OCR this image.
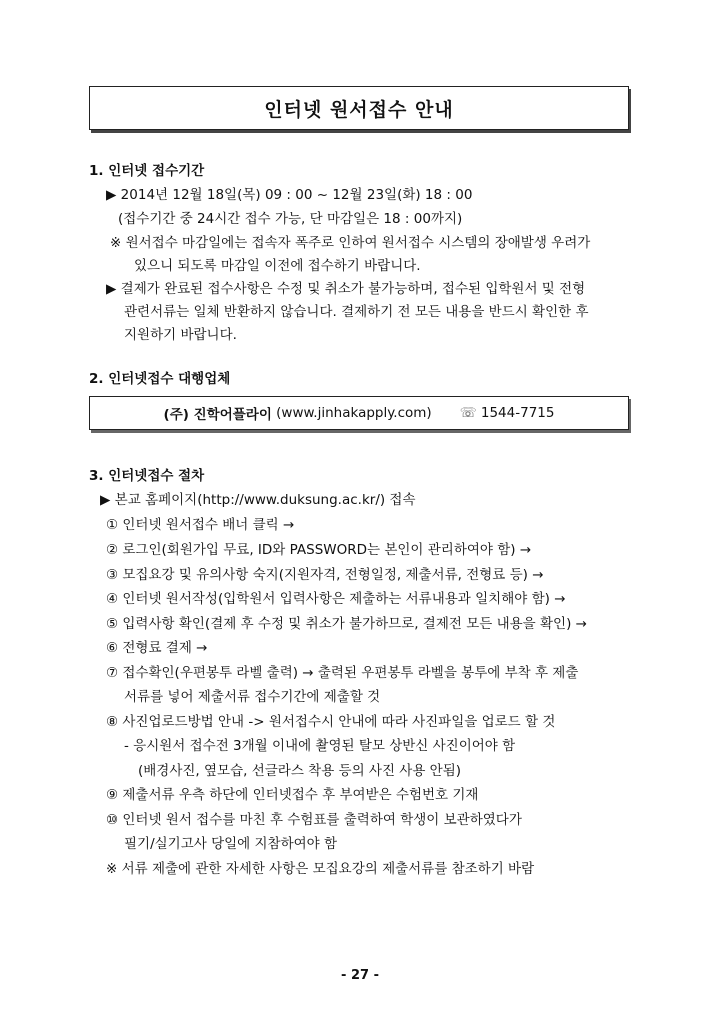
인터넷 원서접수 안내
1. 인터넷 접수기간
▶ 2014년 12월 18일(목) 09 : 00 ~ 12월 23일(화) 18 : 00
(접수기간 중 24시간 접수 가능, 단 마감일은 18 : 00까지)
※ 원서접수 마감일에는 접속자 폭주로 인하여 원서접수 시스템의 장애발생 우려가
있으니 되도록 마감일 이전에 접수하기 바랍니다.
▶ 결제가 완료된 접수사항은 수정 및 취소가 불가능하며, 접수된 입학원서 및 전형
관련서류는 일체 반환하지 않습니다. 결제하기 전 모든 내용을 반드시 확인한 후
지원하기 바랍니다.
2. 인터넷접수 대행업체
(주) 진학어플라이
(www.jinhakapply.com) ☏
1544-7715
3. 인터넷접수 절차
▶ 본교 홈페이지(http://www.duksung.ac.kr/) 접속
① 인터넷 원서접수 배너 클릭 →
② 로그인(회원가입 무료, ID와 PASSWORD는 본인이 관리하여야 함) →
③ 모집요강 및 유의사항 숙지(지원자격, 전형일정, 제출서류, 전형료 등) →
④ 인터넷 원서작성(입학원서 입력사항은 제출하는 서류내용과 일치해야 함) →
⑤ 입력사항 확인(결제 후 수정 및 취소가 불가하므로, 결제전 모든 내용을 확인) →
⑥ 전형료 결제 →
⑦ 접수확인(우편봉투 라벨 출력) → 출력된 우편봉투 라벨을 봉투에 부착 후 제출
서류를 넣어 제출서류 접수기간에 제출할 것
⑧ 사진업로드방법 안내 -> 원서접수시 안내에 따라 사진파일을 업로드 할 것
- 응시원서 접수전 3개월 이내에 촬영된 탈모 상반신 사진이어야 함
(배경사진, 옆모습, 선글라스 착용 등의 사진 사용 안됨)
⑨ 제출서류 우측 하단에 인터넷접수 후 부여받은 수험번호 기재
⑩ 인터넷 원서 접수를 마친 후 수험표를 출력하여 학생이 보관하였다가
필기/실기고사 당일에 지참하여야 함
※ 서류 제출에 관한 자세한 사항은 모집요강의 제출서류를 참조하기 바람
- 27 -
